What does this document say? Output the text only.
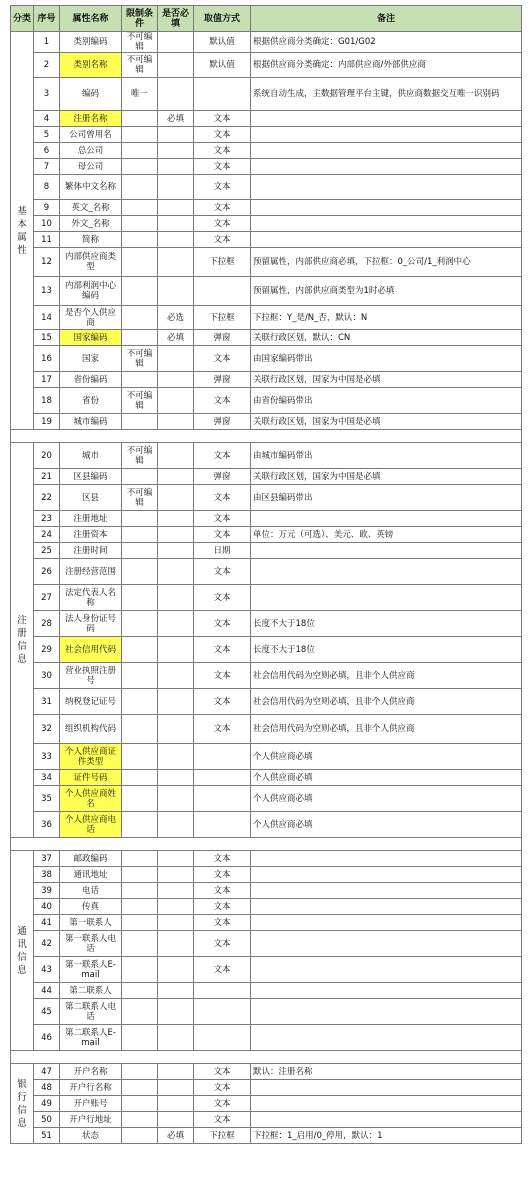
分类	序号	属性名称	限制条件	是否必填	取值方式	备注
基本属性	1	类别编码	不可编辑		默认值	根据供应商分类确定：G01/G02
	2	类别名称	不可编辑		默认值	根据供应商分类确定：内部供应商/外部供应商
	3	编码	唯一			系统自动生成，主数据管理平台主键，供应商数据交互唯一识别码
	4	注册名称		必填	文本	
	5	公司曾用名			文本	
	6	总公司			文本	
	7	母公司			文本	
	8	繁体中文名称			文本	
	9	英文_名称			文本	
	10	外文_名称			文本	
	11	简称			文本	
	12	内部供应商类型			下拉框	预留属性，内部供应商必填，下拉框：0_公司/1_利润中心
	13	内部利润中心编码				预留属性，内部供应商类型为1时必填
	14	是否个人供应商		必选	下拉框	下拉框：Y_是/N_否，默认：N
	15	国家编码		必填	弹窗	关联行政区划，默认：CN
	16	国家	不可编辑		文本	由国家编码带出
	17	省份编码			弹窗	关联行政区划，国家为中国是必填
	18	省份	不可编辑		文本	由省份编码带出
	19	城市编码			弹窗	关联行政区划，国家为中国是必填

注册信息	20	城市	不可编辑		文本	由城市编码带出
	21	区县编码			弹窗	关联行政区划，国家为中国是必填
	22	区县	不可编辑		文本	由区县编码带出
	23	注册地址			文本	
	24	注册资本			文本	单位：万元（可选）、美元、欧、英镑
	25	注册时间			日期	
	26	注册经营范围			文本	
	27	法定代表人名称			文本	
	28	法人身份证号码			文本	长度不大于18位
	29	社会信用代码			文本	长度不大于18位
	30	营业执照注册号			文本	社会信用代码为空则必填，且非个人供应商
	31	纳税登记证号			文本	社会信用代码为空则必填，且非个人供应商
	32	组织机构代码			文本	社会信用代码为空则必填，且非个人供应商
	33	个人供应商证件类型				个人供应商必填
	34	证件号码				个人供应商必填
	35	个人供应商姓名				个人供应商必填
	36	个人供应商电话				个人供应商必填

通讯信息	37	邮政编码			文本	
	38	通讯地址			文本	
	39	电话			文本	
	40	传真			文本	
	41	第一联系人			文本	
	42	第一联系人电话			文本	
	43	第一联系人E-mail			文本	
	44	第二联系人				
	45	第二联系人电话				
	46	第二联系人E-mail				

银行信息	47	开户名称			文本	默认：注册名称
	48	开户行名称			文本	
	49	开户账号			文本	
	50	开户行地址			文本	
	51	状态		必填	下拉框	下拉框：1_启用/0_停用，默认：1
